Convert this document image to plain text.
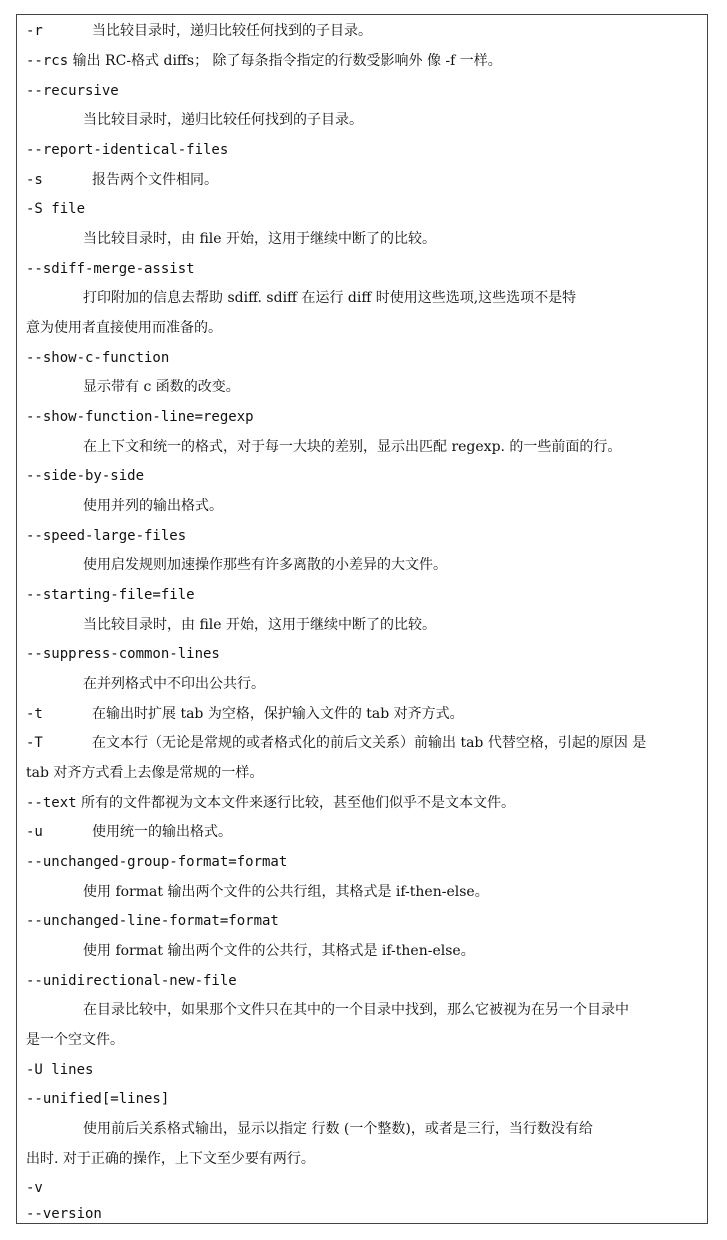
-r	当比较目录时，递归比较任何找到的子目录。
--rcs 输出 RC-格式 diffs； 除了每条指令指定的行数受影响外 像 -f 一样。
--recursive
当比较目录时，递归比较任何找到的子目录。
--report-identical-files
-s	报告两个文件相同。
-S file
当比较目录时，由 file 开始，这用于继续中断了的比较。
--sdiff-merge-assist
打印附加的信息去帮助 sdiff. sdiff 在运行 diff 时使用这些选项,这些选项不是特
意为使用者直接使用而准备的。
--show-c-function
显示带有 c 函数的改变。
--show-function-line=regexp
在上下文和统一的格式，对于每一大块的差别，显示出匹配 regexp. 的一些前面的行。
--side-by-side
使用并列的输出格式。
--speed-large-files
使用启发规则加速操作那些有许多离散的小差异的大文件。
--starting-file=file
当比较目录时，由 file 开始，这用于继续中断了的比较。
--suppress-common-lines
在并列格式中不印出公共行。
-t	在输出时扩展 tab 为空格，保护输入文件的 tab 对齐方式。
-T	在文本行（无论是常规的或者格式化的前后文关系）前输出 tab 代替空格，引起的原因 是
tab 对齐方式看上去像是常规的一样。
--text 所有的文件都视为文本文件来逐行比较，甚至他们似乎不是文本文件。
-u	使用统一的输出格式。
--unchanged-group-format=format
使用 format 输出两个文件的公共行组，其格式是 if-then-else。
--unchanged-line-format=format
使用 format 输出两个文件的公共行，其格式是 if-then-else。
--unidirectional-new-file
在目录比较中，如果那个文件只在其中的一个目录中找到，那么它被视为在另一个目录中
是一个空文件。
-U lines
--unified[=lines]
使用前后关系格式输出，显示以指定 行数 (一个整数)，或者是三行，当行数没有给
出时. 对于正确的操作，上下文至少要有两行。
-v
--version
